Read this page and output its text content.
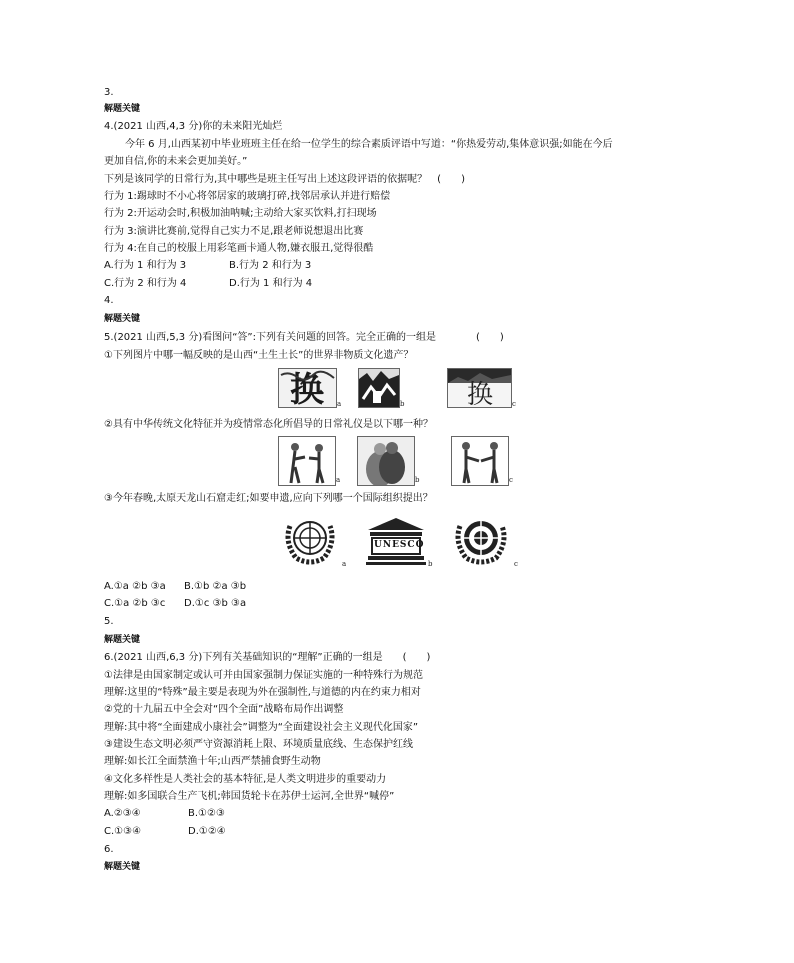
3.
解题关键
4.(2021 山西,4,3 分)你的未来阳光灿烂
今年 6 月,山西某初中毕业班班主任在给一位学生的综合素质评语中写道：“你热爱劳动,集体意识强;如能在今后
更加自信,你的未来会更加美好。”
下列是该同学的日常行为,其中哪些是班主任写出上述这段评语的依据呢？　(　　)
行为 1:踢球时不小心将邻居家的玻璃打碎,找邻居承认并进行赔偿
行为 2:开运动会时,积极加油呐喊;主动给大家买饮料,打扫现场
行为 3:演讲比赛前,觉得自己实力不足,跟老师说想退出比赛
行为 4:在自己的校服上用彩笔画卡通人物,嫌衣服丑,觉得很酷
A.行为 1 和行为 3	B.行为 2 和行为 3
C.行为 2 和行为 4	D.行为 1 和行为 4
4.
解题关键
5.(2021 山西,5,3 分)看图问“答”:下列有关问题的回答。完全正确的一组是　　　　(　　)
①下列图片中哪一幅反映的是山西“土生土长”的世界非物质文化遗产？
换 a	b 换	c
②具有中华传统文化特征并为疫情常态化所倡导的日常礼仪是以下哪一种？
a	b	c
③今年春晚,太原天龙山石窟走红;如要申遗,应向下列哪一个国际组织提出？
a
UNESCO
b	c
A.①a ②b ③a B.①b ②a ③b
C.①a ②b ③c D.①c ③b ③a
5.
解题关键
6.(2021 山西,6,3 分)下列有关基础知识的“理解”正确的一组是　　(　　)
①法律是由国家制定或认可并由国家强制力保证实施的一种特殊行为规范
理解:这里的“特殊”最主要是表现为外在强制性,与道德的内在约束力相对
②党的十九届五中全会对“四个全面”战略布局作出调整
理解:其中将“全面建成小康社会”调整为“全面建设社会主义现代化国家”
③建设生态文明必须严守资源消耗上限、环境质量底线、生态保护红线
理解:如长江全面禁渔十年;山西严禁捕食野生动物
④文化多样性是人类社会的基本特征,是人类文明进步的重要动力
理解:如多国联合生产飞机;韩国货轮卡在苏伊士运河,全世界“喊停”
A.②③④	B.①②③
C.①③④	D.①②④
6.
解题关键
